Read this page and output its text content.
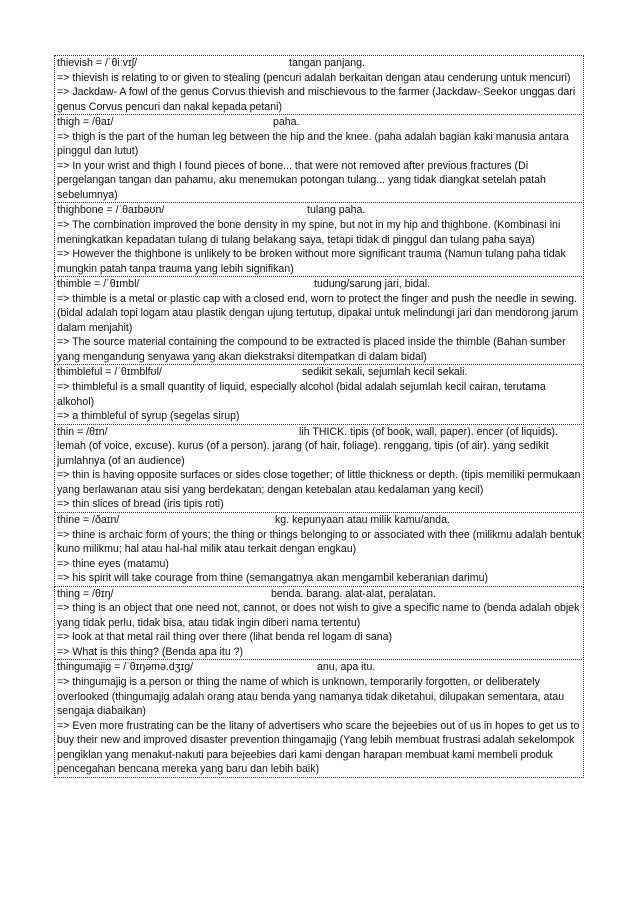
thievish = /ˈθiːvɪʃ/	tangan panjang.
=> thievish is relating to or given to stealing (pencuri adalah berkaitan dengan atau cenderung untuk mencuri)
=> Jackdaw- A fowl of the genus Corvus thievish and mischievous to the farmer (Jackdaw- Seekor unggas dari genus Corvus pencuri dan nakal kepada petani)
thigh = /θaɪ/	paha.
=> thigh is the part of the human leg between the hip and the knee. (paha adalah bagian kaki manusia antara pinggul dan lutut)
=> In your wrist and thigh I found pieces of bone... that were not removed after previous fractures (Di pergelangan tangan dan pahamu, aku menemukan potongan tulang... yang tidak diangkat setelah patah sebelumnya)
thighbone = /ˈθaɪbəʊn/	tulang paha.
=> The combination improved the bone density in my spine, but not in my hip and thighbone. (Kombinasi ini meningkatkan kepadatan tulang di tulang belakang saya, tetapi tidak di pinggul dan tulang paha saya)
=> However the thighbone is unlikely to be broken without more significant trauma (Namun tulang paha tidak mungkin patah tanpa trauma yang lebih signifikan)
thimble = /ˈθɪmbl/	tudung/sarung jari, bidal.
=> thimble is a metal or plastic cap with a closed end, worn to protect the finger and push the needle in sewing. (bidal adalah topi logam atau plastik dengan ujung tertutup, dipakai untuk melindungi jari dan mendorong jarum dalam menjahit)
=> The source material containing the compound to be extracted is placed inside the thimble (Bahan sumber yang mengandung senyawa yang akan diekstraksi ditempatkan di dalam bidal)
thimbleful = /ˈθɪmblfʊl/	sedikit sekali, sejumlah kecil sekali.
=> thimbleful is a small quantity of liquid, especially alcohol (bidal adalah sejumlah kecil cairan, terutama alkohol)
=> a thimbleful of syrup (segelas sirup)
thin = /θɪn/	lih THICK. tipis (of book, wall, paper). encer (of liquids). lemah (of voice, excuse). kurus (of a person). jarang (of hair, foliage). renggang, tipis (of air). yang sedikit jumlahnya (of an audience)
=> thin is having opposite surfaces or sides close together; of little thickness or depth. (tipis memiliki permukaan yang berlawanan atau sisi yang berdekatan; dengan ketebalan atau kedalaman yang kecil)
=> thin slices of bread (iris tipis roti)
thine = /ðaɪn/	kg. kepunyaan atau milik kamu/anda.
=> thine is archaic form of yours; the thing or things belonging to or associated with thee (milikmu adalah bentuk kuno milikmu; hal atau hal-hal milik atau terkait dengan engkau)
=> thine eyes (matamu)
=> his spirit will take courage from thine (semangatnya akan mengambil keberanian darimu)
thing = /θɪŋ/	benda. barang. alat-alat, peralatan.
=> thing is an object that one need not, cannot, or does not wish to give a specific name to (benda adalah objek yang tidak perlu, tidak bisa, atau tidak ingin diberi nama tertentu)
=> look at that metal rail thing over there (lihat benda rel logam di sana)
=> What is this thing? (Benda apa itu ?)
thingumajig = /ˈθɪŋəmə.dʒɪɡ/	anu, apa itu.
=> thingumajig is a person or thing the name of which is unknown, temporarily forgotten, or deliberately overlooked (thingumajig adalah orang atau benda yang namanya tidak diketahui, dilupakan sementara, atau sengaja diabaikan)
=> Even more frustrating can be the litany of advertisers who scare the bejeebies out of us in hopes to get us to buy their new and improved disaster prevention thingamajig (Yang lebih membuat frustrasi adalah sekelompok pengiklan yang menakut-nakuti para bejeebies dari kami dengan harapan membuat kami membeli produk pencegahan bencana mereka yang baru dan lebih baik)
